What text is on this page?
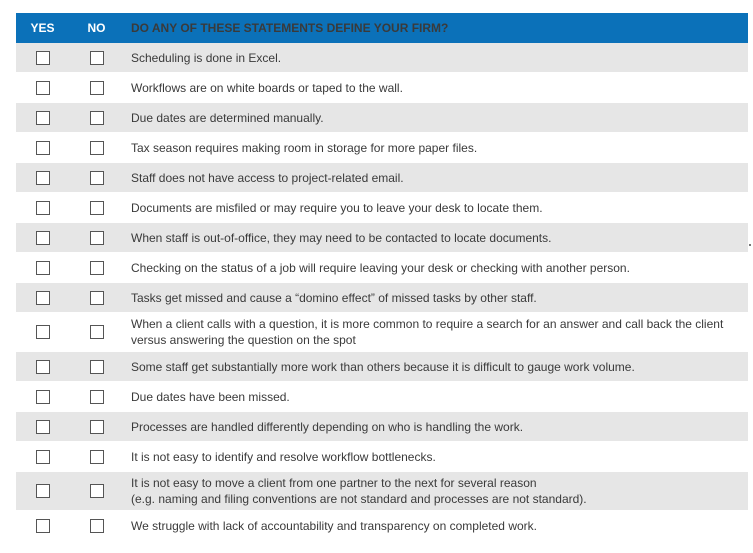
YES	NO	DO ANY OF THESE STATEMENTS DEFINE YOUR FIRM?
Scheduling is done in Excel.
Workflows are on white boards or taped to the wall.
Due dates are determined manually.
Tax season requires making room in storage for more paper files.
Staff does not have access to project-related email.
Documents are misfiled or may require you to leave your desk to locate them.
When staff is out-of-office, they may need to be contacted to locate documents.
Checking on the status of a job will require leaving your desk or checking with another person.
Tasks get missed and cause a “domino effect” of missed tasks by other staff.
When a client calls with a question, it is more common to require a search for an answer and call back the client versus answering the question on the spot
Some staff get substantially more work than others because it is difficult to gauge work volume.
Due dates have been missed.
Processes are handled differently depending on who is handling the work.
It is not easy to identify and resolve workflow bottlenecks.
It is not easy to move a client from one partner to the next for several reason
(e.g. naming and filing conventions are not standard and processes are not standard).
We struggle with lack of accountability and transparency on completed work.
